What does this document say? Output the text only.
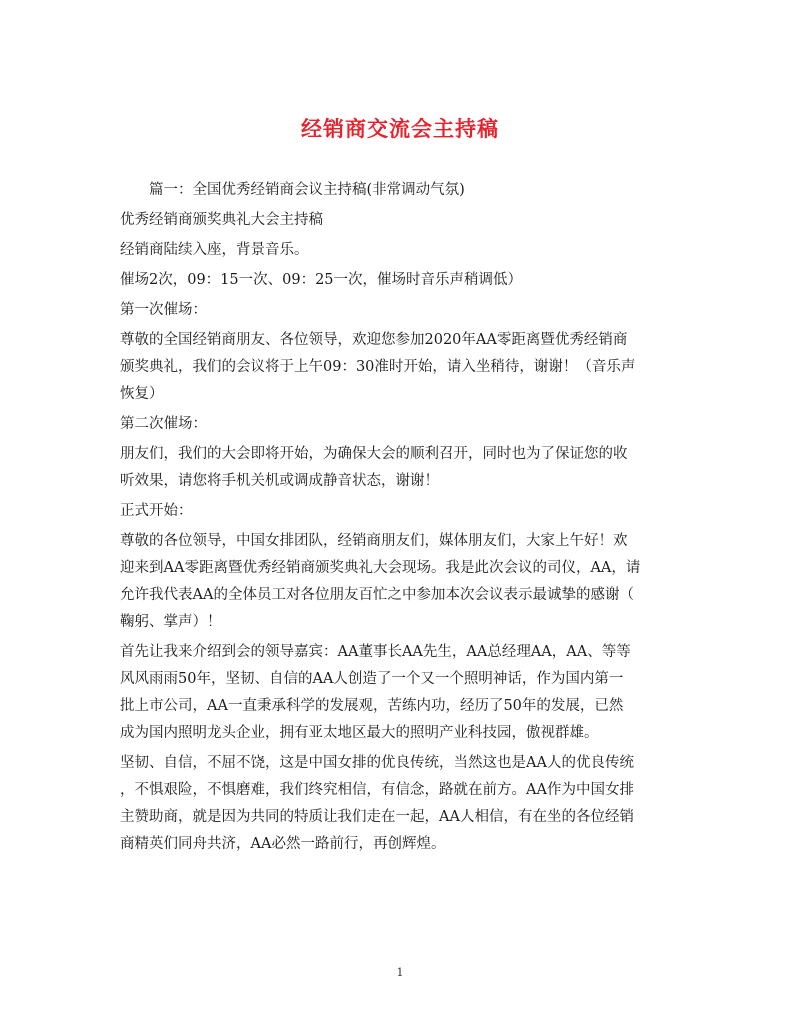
经销商交流会主持稿
篇一：全国优秀经销商会议主持稿(非常调动气氛)
优秀经销商颁奖典礼大会主持稿
经销商陆续入座，背景音乐。
催场2次，09：15一次、09：25一次，催场时音乐声稍调低）
第一次催场：
尊敬的全国经销商朋友、各位领导，欢迎您参加2020年AA零距离暨优秀经销商
颁奖典礼，我们的会议将于上午09：30准时开始，请入坐稍待，谢谢！（音乐声
恢复）
第二次催场：
朋友们，我们的大会即将开始，为确保大会的顺利召开，同时也为了保证您的收
听效果，请您将手机关机或调成静音状态，谢谢！
正式开始：
尊敬的各位领导，中国女排团队，经销商朋友们，媒体朋友们，大家上午好！欢
迎来到AA零距离暨优秀经销商颁奖典礼大会现场。我是此次会议的司仪，AA，请
允许我代表AA的全体员工对各位朋友百忙之中参加本次会议表示最诚挚的感谢（
鞠躬、掌声）！
首先让我来介绍到会的领导嘉宾：AA董事长AA先生，AA总经理AA，AA、等等
风风雨雨50年，坚韧、自信的AA人创造了一个又一个照明神话，作为国内第一
批上市公司，AA一直秉承科学的发展观，苦练内功，经历了50年的发展，已然
成为国内照明龙头企业，拥有亚太地区最大的照明产业科技园，傲视群雄。
坚韧、自信，不屈不饶，这是中国女排的优良传统，当然这也是AA人的优良传统
，不惧艰险，不惧磨难，我们终究相信，有信念，路就在前方。AA作为中国女排
主赞助商，就是因为共同的特质让我们走在一起，AA人相信，有在坐的各位经销
商精英们同舟共济，AA必然一路前行，再创辉煌。
1
